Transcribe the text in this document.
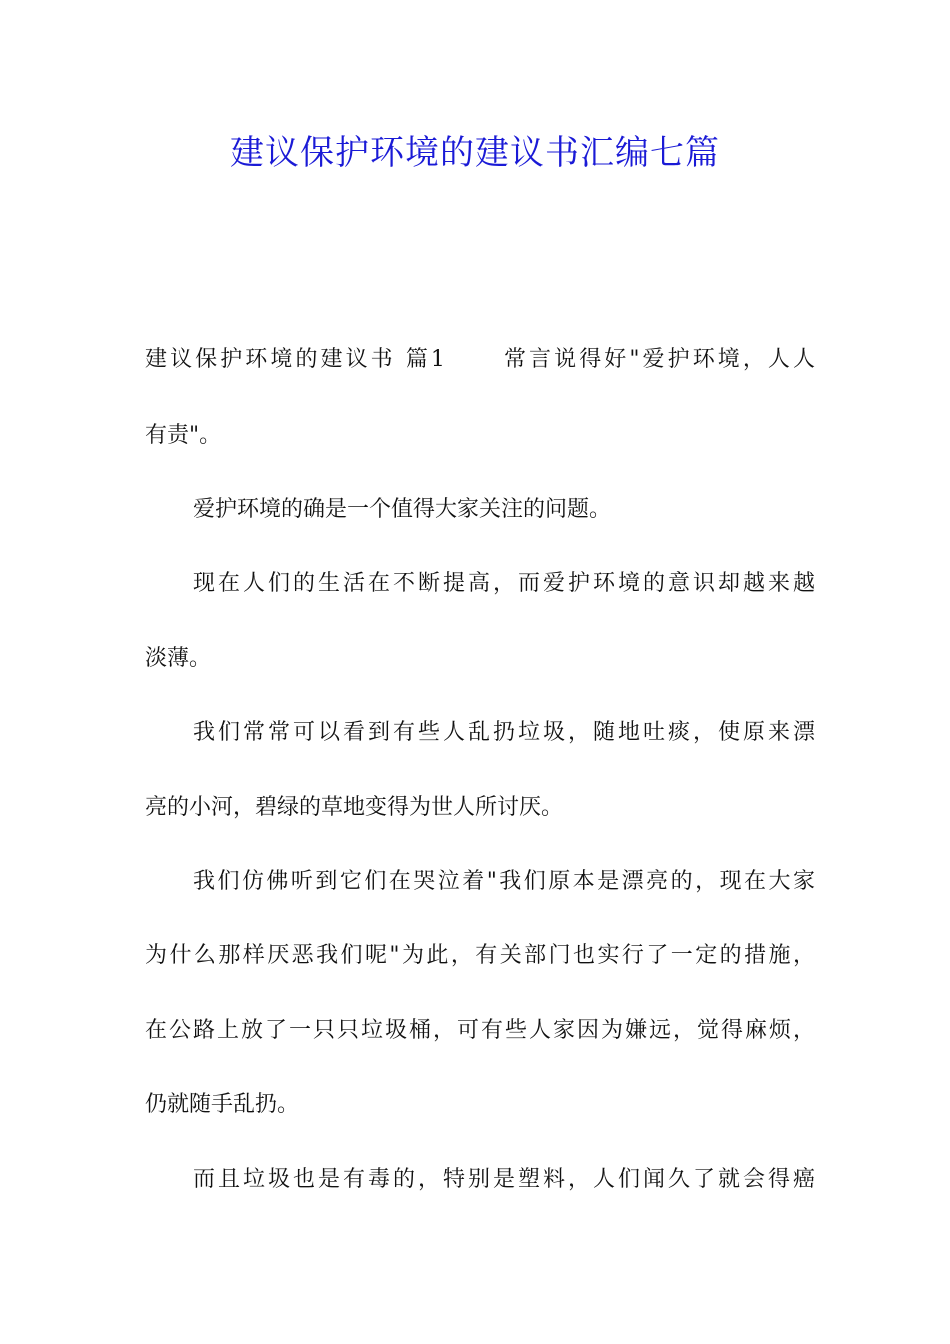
建议保护环境的建议书汇编七篇

建议保护环境的建议书 篇1	常言说得好"爱护环境，人人

有责"。

爱护环境的确是一个值得大家关注的问题。

现在人们的生活在不断提高，而爱护环境的意识却越来越

淡薄。

我们常常可以看到有些人乱扔垃圾，随地吐痰，使原来漂

亮的小河，碧绿的草地变得为世人所讨厌。

我们仿佛听到它们在哭泣着"我们原本是漂亮的，现在大家

为什么那样厌恶我们呢"为此，有关部门也实行了一定的措施，

在公路上放了一只只垃圾桶，可有些人家因为嫌远，觉得麻烦，

仍就随手乱扔。

而且垃圾也是有毒的，特别是塑料，人们闻久了就会得癌
